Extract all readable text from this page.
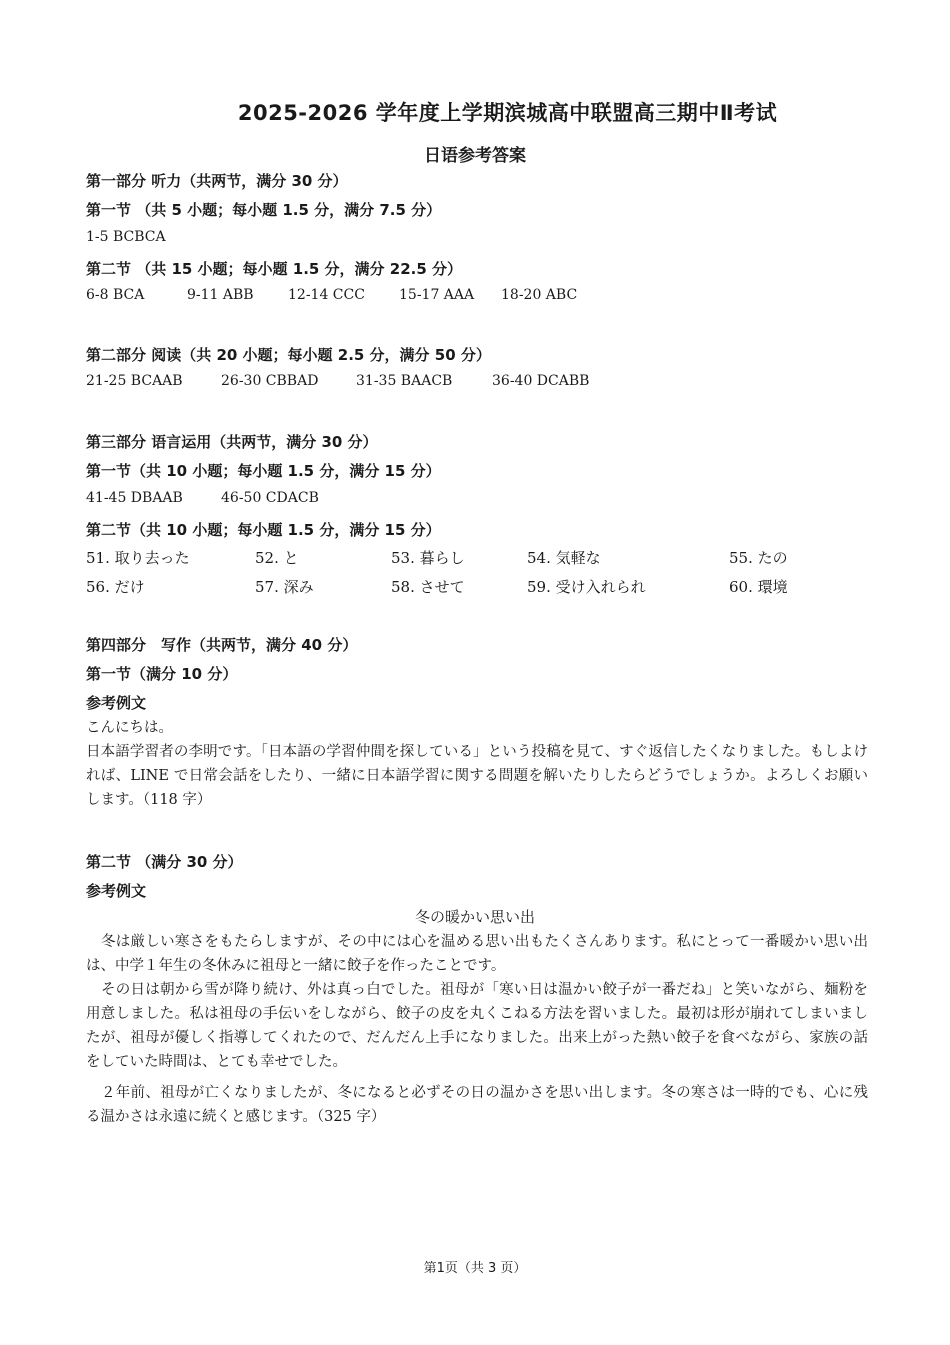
2025-2026 学年度上学期滨城高中联盟高三期中Ⅱ考试
日语参考答案
第一部分 听力（共两节，满分 30 分）
第一节 （共 5 小题；每小题 1.5 分，满分 7.5 分）
1-5 BCBCA
第二节 （共 15 小题；每小题 1.5 分，满分 22.5 分）
6-8 BCA	9-11 ABB 12-14 CCC 15-17 AAA 18-20 ABC
第二部分 阅读（共 20 小题；每小题 2.5 分，满分 50 分）
21-25 BCAAB	26-30 CBBAD	31-35 BAACB	36-40 DCABB
第三部分 语言运用（共两节，满分 30 分）
第一节（共 10 小题；每小题 1.5 分，满分 15 分）
41-45 DBAAB	46-50 CDACB
第二节（共 10 小题；每小题 1.5 分，满分 15 分）
51. 取り去った	52. と	53. 暮らし	54. 気軽な	55. たの
56. だけ	57. 深み	58. させて	59. 受け入れられ	60. 環境
第四部分　写作（共两节，满分 40 分）
第一节（满分 10 分）
参考例文
こんにちは。
日本語学習者の李明です。「日本語の学習仲間を探している」という投稿を見て、すぐ返信したくなりました。もしよければ、LINE で日常会話をしたり、一緒に日本語学習に関する問題を解いたりしたらどうでしょうか。よろしくお願いします。（118 字）
第二节 （满分 30 分）
参考例文
冬の暖かい思い出
冬は厳しい寒さをもたらしますが、その中には心を温める思い出もたくさんあります。私にとって一番暖かい思い出は、中学１年生の冬休みに祖母と一緒に餃子を作ったことです。
その日は朝から雪が降り続け、外は真っ白でした。祖母が「寒い日は温かい餃子が一番だね」と笑いながら、麺粉を用意しました。私は祖母の手伝いをしながら、餃子の皮を丸くこねる方法を習いました。最初は形が崩れてしまいましたが、祖母が優しく指導してくれたので、だんだん上手になりました。出来上がった熱い餃子を食べながら、家族の話をしていた時間は、とても幸せでした。
２年前、祖母が亡くなりましたが、冬になると必ずその日の温かさを思い出します。冬の寒さは一時的でも、心に残る温かさは永遠に続くと感じます。（325 字）
第1页（共 3 页）
